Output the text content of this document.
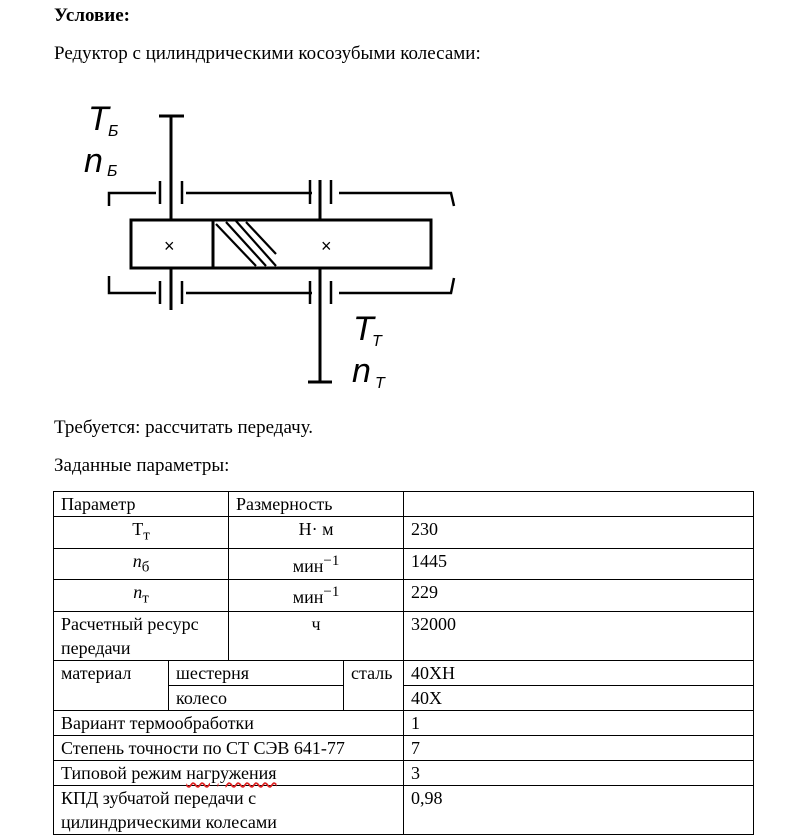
Условие:
Редуктор с цилиндрическими косозубыми колесами:
×	×
T Б
n Б
T
Т
n Т
Требуется: рассчитать передачу.
Заданные параметры:
Параметр		Размерность		
$T_т$		Н· м		230
$n_б$		мин$^{-1}$		1445
$n_т$		мин$^{-1}$		229
Расчетный ресурс передачи		ч		32000
материал	шестерня		сталь	40ХН
	колесо			40Х
Вариант термообработки				1
Степень точности по СТ СЭВ 641-77				7
Типовой режим нагружения				3
КПД зубчатой передачи с цилиндрическими колесами				0,98
